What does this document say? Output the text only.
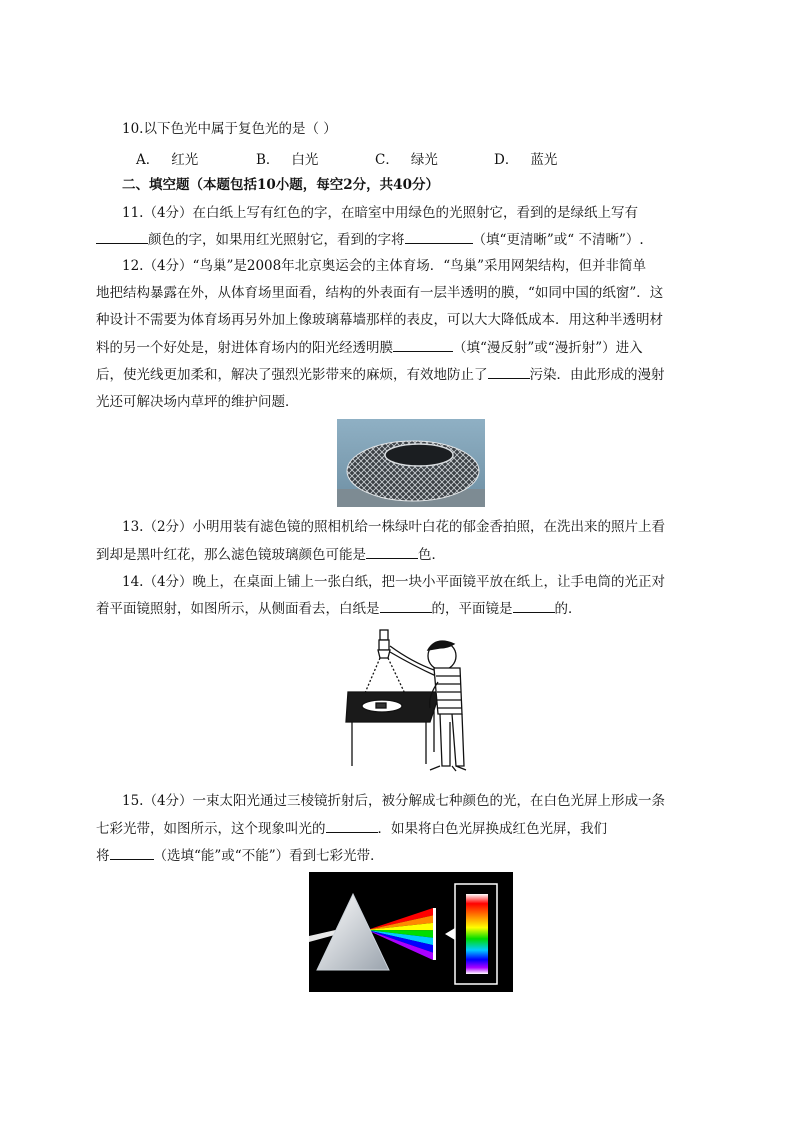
10.以下色光中属于复色光的是（ ）
A． 红光	B． 白光	C． 绿光	D． 蓝光
二、填空题（本题包括10小题，每空2分，共40分）
11.（4分）在白纸上写有红色的字，在暗室中用绿色的光照射它，看到的是绿纸上写有
颜色的字，如果用红光照射它，看到的字将	（填“更清晰”或“ 不清晰”）.
12.（4分）“鸟巢”是2008年北京奥运会的主体育场．“鸟巢”采用网架结构，但并非简单
地把结构暴露在外，从体育场里面看，结构的外表面有一层半透明的膜，“如同中国的纸窗”．这
种设计不需要为体育场再另外加上像玻璃幕墙那样的表皮，可以大大降低成本．用这种半透明材
料的另一个好处是，射进体育场内的阳光经透明膜	（填“漫反射”或“漫折射”）进入
后，使光线更加柔和，解决了强烈光影带来的麻烦，有效地防止了	污染．由此形成的漫射
光还可解决场内草坪的维护问题．
13.（2分）小明用装有滤色镜的照相机给一株绿叶白花的郁金香拍照，在洗出来的照片上看
到却是黑叶红花，那么滤色镜玻璃颜色可能是	色．
14.（4分）晚上，在桌面上铺上一张白纸，把一块小平面镜平放在纸上，让手电筒的光正对
着平面镜照射，如图所示，从侧面看去，白纸是	的，平面镜是	的．
15.（4分）一束太阳光通过三棱镜折射后，被分解成七种颜色的光，在白色光屏上形成一条
七彩光带，如图所示，这个现象叫光的	．如果将白色光屏换成红色光屏，我们
将	（选填“能”或“不能”）看到七彩光带．
